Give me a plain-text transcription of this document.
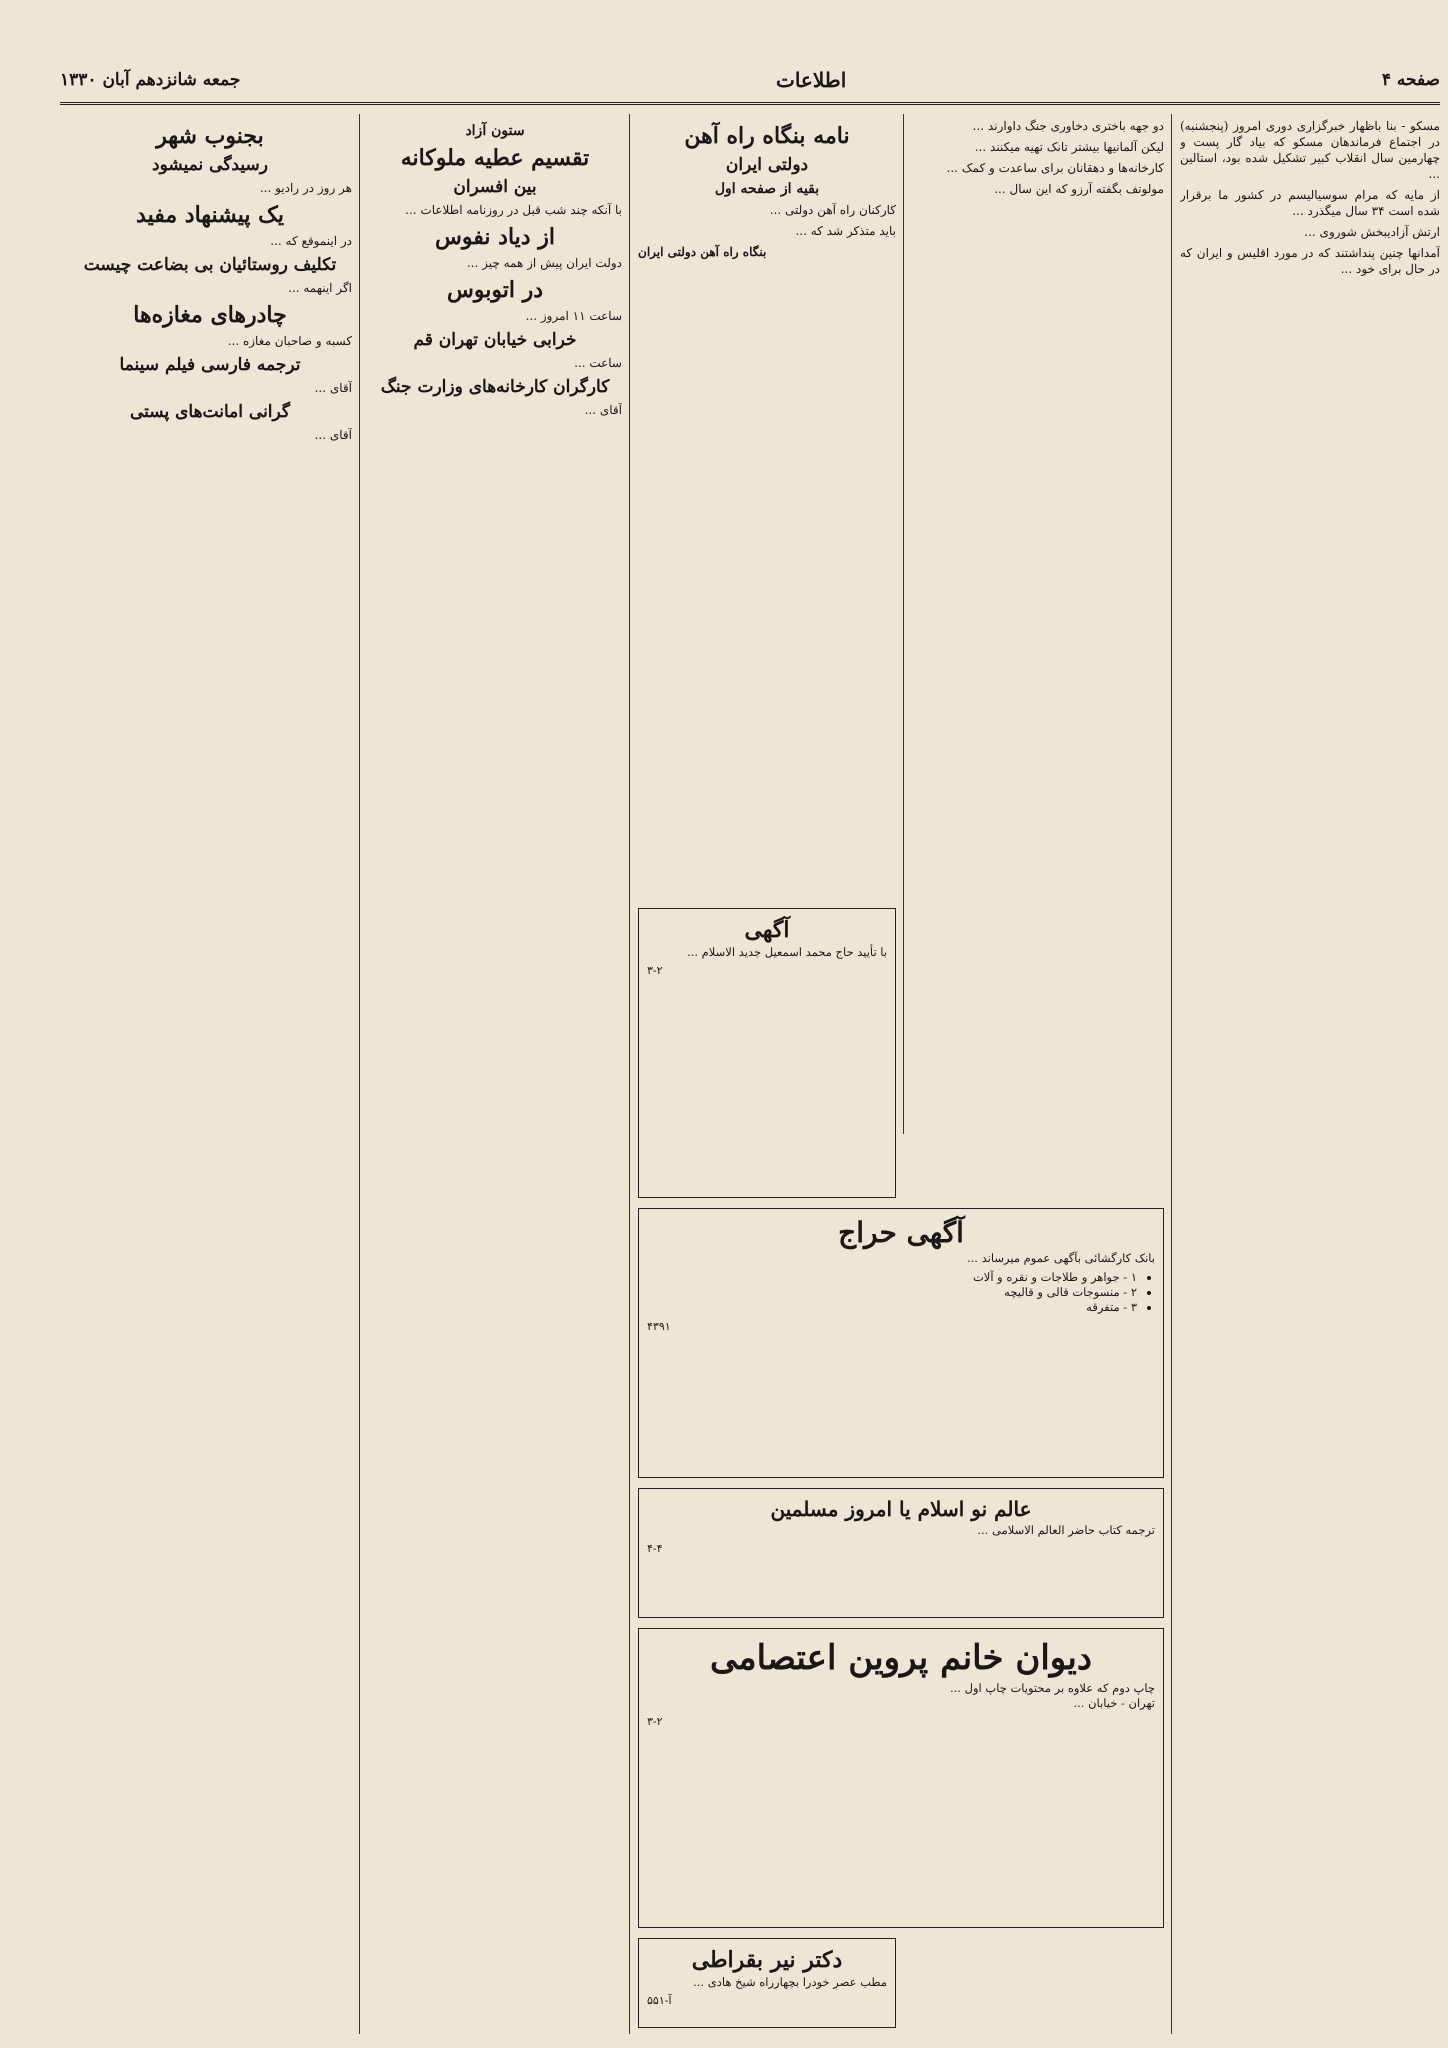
صفحه ۴
اطلاعات
جمعه شانزدهم آبان ۱۳۳۰

مسکو - بنا باظهار خبرگزاری دوری امروز (پنجشنبه) در اجتماع فرماندهان مسکو که بیاد گار پست و چهارمین سال انقلاب کبیر تشکیل شده بود، استالین ...

از مایه که مرام سوسیالیسم در کشور ما برقرار شده است ۳۴ سال میگذرد ...

ارتش آزادیبخش شوروی ...

آمدانها چنین پنداشتند که در مورد اقلیس و ایران که در حال برای خود ...

دو جهه باختری دخاوری جنگ داوارند ...

لیکن آلمانیها بیشتر تانک تهیه میکنند ...

کارخانه‌ها و دهقانان برای ساعدت و کمک ...

مولوتف بگفته آرزو که این سال ...

نامه بنگاه راه آهن
دولتی ایران
بقیه از صفحه اول

کارکنان راه آهن دولتی ...

باید متذکر شد که ...

بنگاه راه آهن دولتی ایران
ستون آزاد
تقسیم عطیه ملوکانه
بین افسران

با آنکه چند شب قبل در روزنامه اطلاعات ...

از دیاد نفوس

دولت ایران پیش از همه چیز ...

در اتوبوس

ساعت ۱۱ امروز ...

خرابی خیابان تهران قم

ساعت ...

کارگران کارخانه‌های وزارت جنگ

آقای ...

بجنوب شهر
رسیدگی نمیشود

هر روز در رادیو ...

یک پیشنهاد مفید

در اینموقع که ...

تکلیف روستائیان بی بضاعت چیست

اگر اینهمه ...

چادرهای مغازه‌ها

کسبه و صاحبان مغازه ...

ترجمه فارسی فیلم سینما

آقای ...

گرانی امانت‌های پستی

آقای ...

آگهی
با تأیید حاج محمد اسمعیل جدید الاسلام ...
۳-۲
آگهی حراج
بانک کارگشائی بآگهی عموم میرساند ...
• ۱ - جواهر و طلاجات و نقره و آلات
• ۲ - منسوجات قالی و قالیچه
• ۳ - متفرقه
۴۳۹۱
عالم نو اسلام یا امروز مسلمین
ترجمه کتاب حاضر العالم الاسلامی ...
۴-۴
دیوان خانم پروین اعتصامی
چاپ دوم که علاوه بر محتویات چاپ اول ...
تهران - خیابان ...
۳-۲
دکتر نیر بقراطی
مطب عصر خودرا بچهارراه شیخ هادی ...
آ-۵۵۱
